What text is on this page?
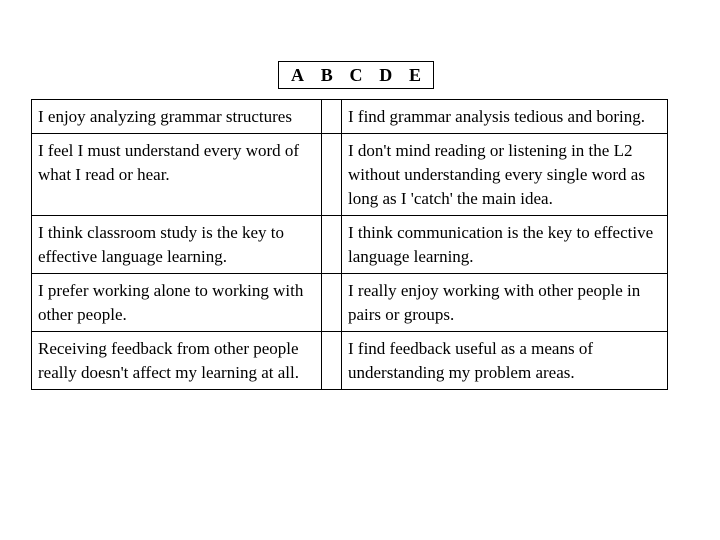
A B C D E
I enjoy analyzing grammar structures		I find grammar analysis tedious and boring.
I feel I must understand every word of what I read or hear.		I don't mind reading or listening in the L2 without understanding every single word as long as I 'catch' the main idea.
I think classroom study is the key to effective language learning.		I think communication is the key to effective language learning.
I prefer working alone to working with other people.		I really enjoy working with other people in pairs or groups.
Receiving feedback from other people really doesn't affect my learning at all.		I find feedback useful as a means of understanding my problem areas.
